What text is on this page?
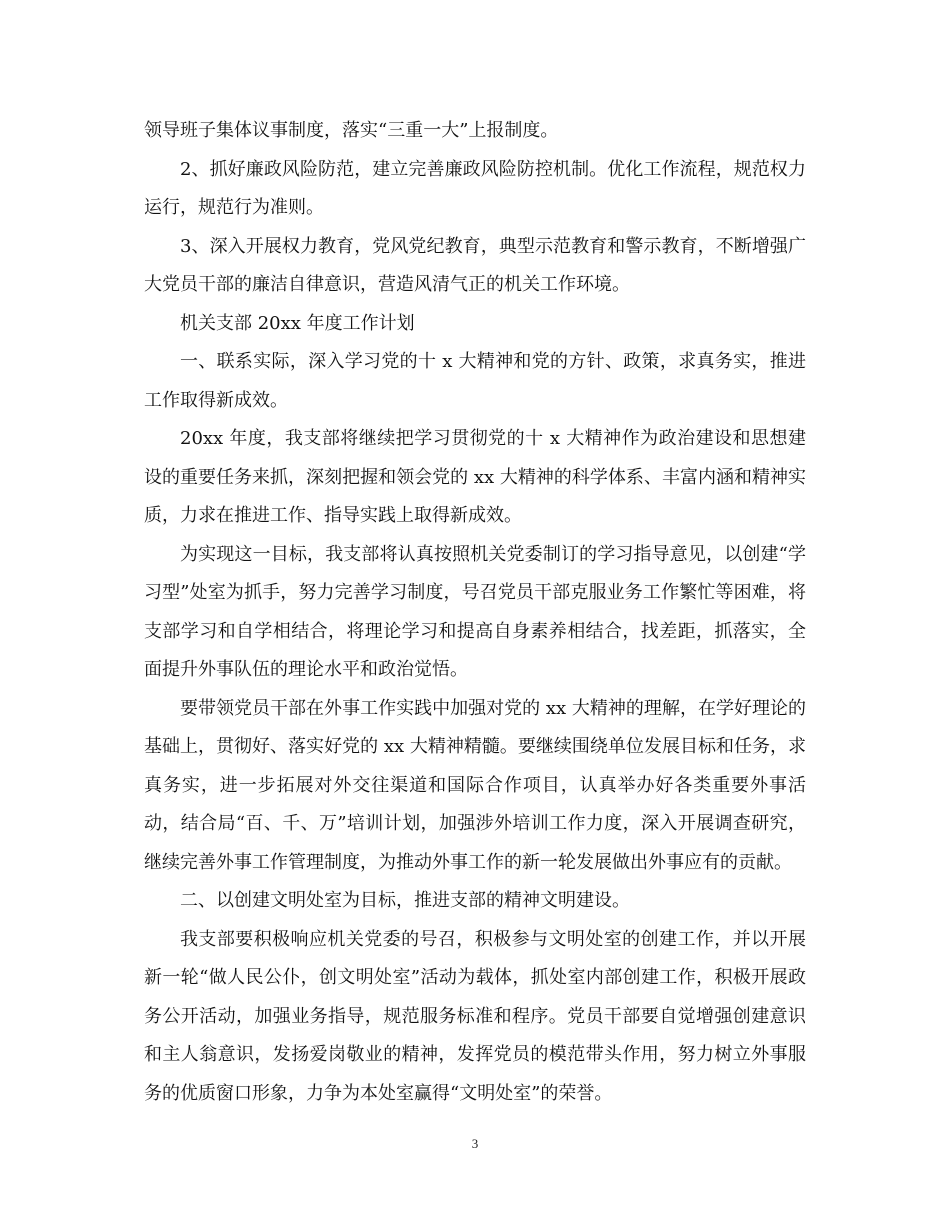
领导班子集体议事制度，落实“三重一大”上报制度。

2、抓好廉政风险防范，建立完善廉政风险防控机制。优化工作流程，规范权力运行，规范行为准则。

3、深入开展权力教育，党风党纪教育，典型示范教育和警示教育，不断增强广大党员干部的廉洁自律意识，营造风清气正的机关工作环境。

机关支部 20xx 年度工作计划

一、联系实际，深入学习党的十 x 大精神和党的方针、政策，求真务实，推进工作取得新成效。

20xx 年度，我支部将继续把学习贯彻党的十 x 大精神作为政治建设和思想建设的重要任务来抓，深刻把握和领会党的 xx 大精神的科学体系、丰富内涵和精神实质，力求在推进工作、指导实践上取得新成效。

为实现这一目标，我支部将认真按照机关党委制订的学习指导意见，以创建“学习型”处室为抓手，努力完善学习制度，号召党员干部克服业务工作繁忙等困难，将支部学习和自学相结合，将理论学习和提高自身素养相结合，找差距，抓落实，全面提升外事队伍的理论水平和政治觉悟。

要带领党员干部在外事工作实践中加强对党的 xx 大精神的理解，在学好理论的基础上，贯彻好、落实好党的 xx 大精神精髓。要继续围绕单位发展目标和任务，求真务实，进一步拓展对外交往渠道和国际合作项目，认真举办好各类重要外事活动，结合局“百、千、万”培训计划，加强涉外培训工作力度，深入开展调查研究，继续完善外事工作管理制度，为推动外事工作的新一轮发展做出外事应有的贡献。

二、以创建文明处室为目标，推进支部的精神文明建设。

我支部要积极响应机关党委的号召，积极参与文明处室的创建工作，并以开展新一轮“做人民公仆，创文明处室”活动为载体，抓处室内部创建工作，积极开展政务公开活动，加强业务指导，规范服务标准和程序。党员干部要自觉增强创建意识和主人翁意识，发扬爱岗敬业的精神，发挥党员的模范带头作用，努力树立外事服务的优质窗口形象，力争为本处室赢得“文明处室”的荣誉。

3
